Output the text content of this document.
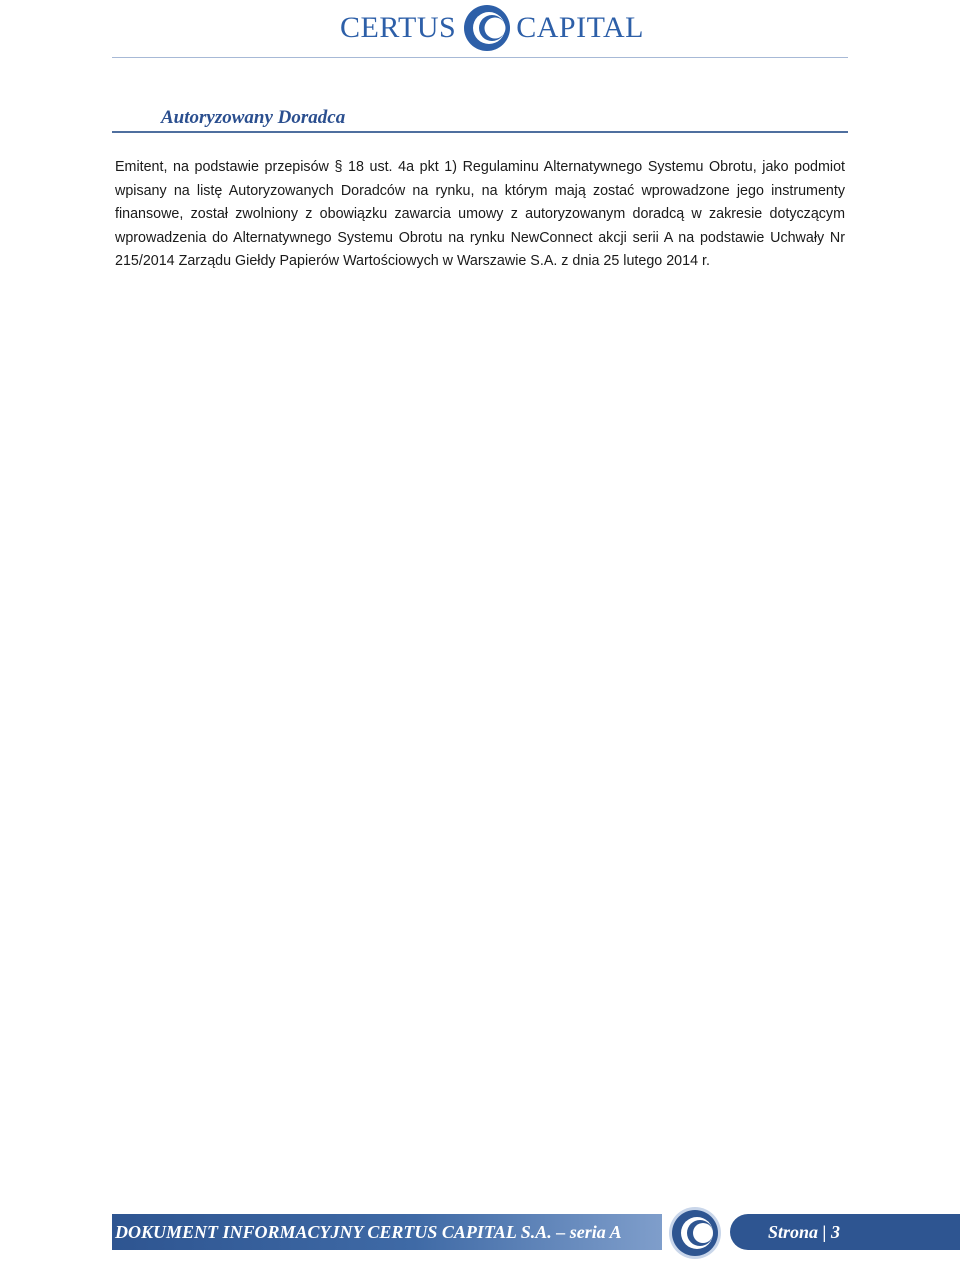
CERTUS CAPITAL
Autoryzowany Doradca

Emitent, na podstawie przepisów § 18 ust. 4a pkt 1) Regulaminu Alternatywnego Systemu Obrotu, jako podmiot wpisany na listę Autoryzowanych Doradców na rynku, na którym mają zostać wprowadzone jego instrumenty finansowe, został zwolniony z obowiązku zawarcia umowy z autoryzowanym doradcą w zakresie dotyczącym wprowadzenia do Alternatywnego Systemu Obrotu na rynku NewConnect akcji serii A na podstawie Uchwały Nr 215/2014 Zarządu Giełdy Papierów Wartościowych w Warszawie S.A. z dnia 25 lutego 2014 r.

DOKUMENT INFORMACYJNY CERTUS CAPITAL S.A. – seria A	Strona | 3
